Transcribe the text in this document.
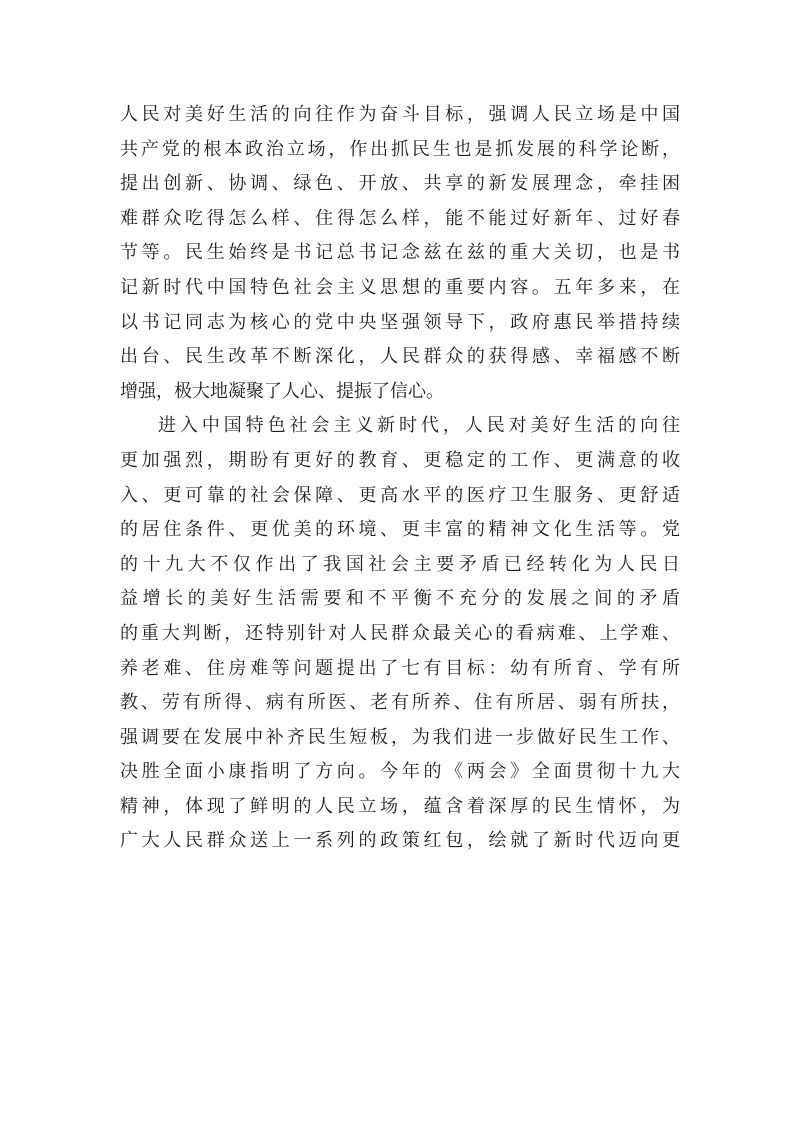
人民对美好生活的向往作为奋斗目标，强调人民立场是中国
共产党的根本政治立场，作出抓民生也是抓发展的科学论断，
提出创新、协调、绿色、开放、共享的新发展理念，牵挂困
难群众吃得怎么样、住得怎么样，能不能过好新年、过好春
节等。民生始终是书记总书记念兹在兹的重大关切，也是书
记新时代中国特色社会主义思想的重要内容。五年多来，在
以书记同志为核心的党中央坚强领导下，政府惠民举措持续
出台、民生改革不断深化，人民群众的获得感、幸福感不断
增强，极大地凝聚了人心、提振了信心。
进入中国特色社会主义新时代，人民对美好生活的向往
更加强烈，期盼有更好的教育、更稳定的工作、更满意的收
入、更可靠的社会保障、更高水平的医疗卫生服务、更舒适
的居住条件、更优美的环境、更丰富的精神文化生活等。党
的十九大不仅作出了我国社会主要矛盾已经转化为人民日
益增长的美好生活需要和不平衡不充分的发展之间的矛盾
的重大判断，还特别针对人民群众最关心的看病难、上学难、
养老难、住房难等问题提出了七有目标：幼有所育、学有所
教、劳有所得、病有所医、老有所养、住有所居、弱有所扶，
强调要在发展中补齐民生短板，为我们进一步做好民生工作、
决胜全面小康指明了方向。今年的《两会》全面贯彻十九大
精神，体现了鲜明的人民立场，蕴含着深厚的民生情怀，为
广大人民群众送上一系列的政策红包，绘就了新时代迈向更
